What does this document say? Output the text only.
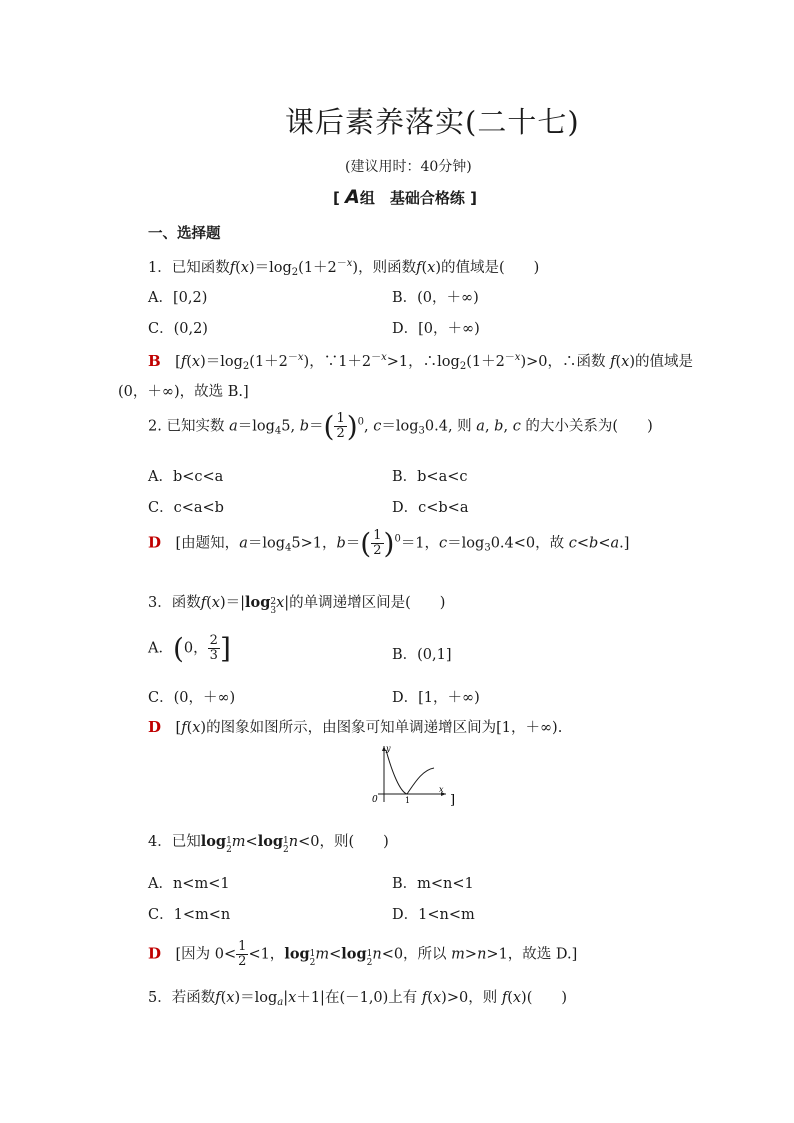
课后素养落实(二十七)
(建议用时：40分钟)
[ A组　基础合格练 ]
一、选择题
1．已知函数$f(x)=\log_2(1+2^{-x})$，则函数f(x)的值域是(　　)
A．[0,2)	B．(0，＋∞)
C．(0,2)	D．[0，＋∞)
B　[$f(x)=\log_2(1+2^{-x})$，$\because 1+2^{-x}>1$，$\therefore\log_2(1+2^{-x})>0$，∴函数 f(x)的值域是
(0，＋∞)，故选 B.]
2. 已知实数 $a=\log_45$, $b=( \frac{1}{2} )^0$, $c=\log_30.4$, 则 a, b, c 的大小关系为(　　)
A．b<c<a	B．b<a<c
C．c<a<b	D．c<b<a
D　[由题知，$a=\log_45>1$，$b=( \frac{1}{2} )^0=1$，$c=\log_30.4<0$，故 c<b<a.]
3．函数f(x)＝|log 2
3 x|的单调递增区间是(　　)
A．(0， $\frac{2}{3}$ ]	B．(0,1]
C．(0，＋∞)	D．[1，＋∞)
D　[f(x)的图象如图所示，由图象可知单调递增区间为[1，＋∞).
y
x
0	1	]
4．已知log 1
2 m<log 1
2 n<0，则(　　)
A．n<m<1	B．m<n<1
C．1<m<n	D．1<n<m
D　[因为 $0< \frac{1}{2} <1$，log 1
2 m<log 1
2 n<0，所以 m>n>1，故选 D.]
5．若函数$f(x)=\log_a|x+1|$在(－1,0)上有 f(x)>0，则 f(x)(　　)
